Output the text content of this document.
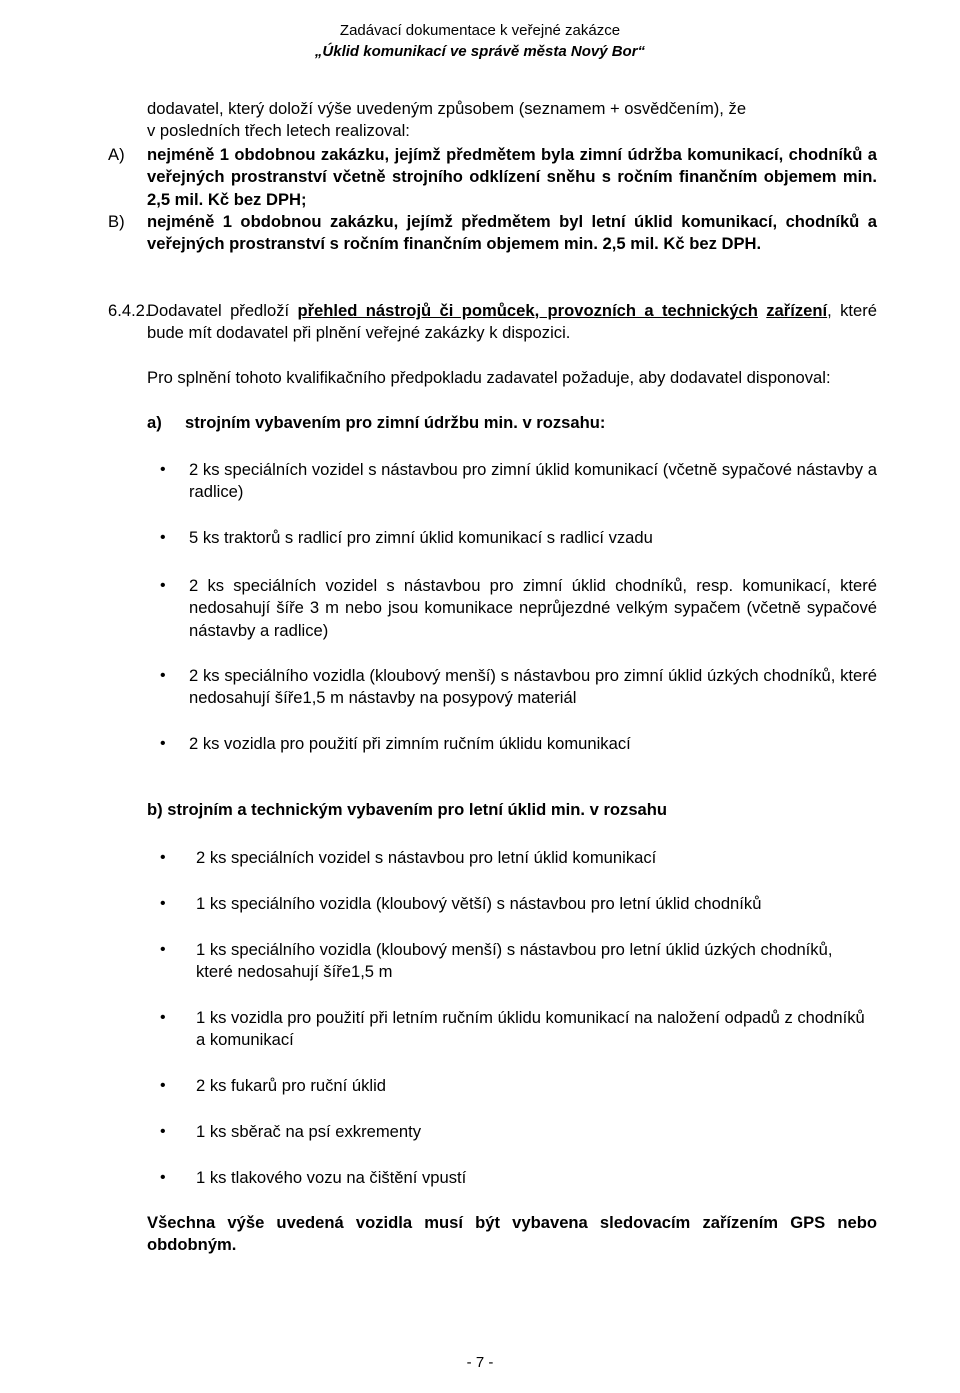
Zadávací dokumentace k veřejné zakázce
„Úklid komunikací ve správě města Nový Bor“
dodavatel, který doloží výše uvedeným způsobem (seznamem + osvědčením), že
v posledních třech letech realizoval:
A) nejméně 1 obdobnou zakázku, jejímž předmětem byla zimní údržba komunikací, chodníků a veřejných prostranství včetně strojního odklízení sněhu s ročním finančním objemem min. 2,5 mil. Kč bez DPH;
B) nejméně 1 obdobnou zakázku, jejímž předmětem byl letní úklid komunikací, chodníků a veřejných prostranství s ročním finančním objemem min. 2,5 mil. Kč bez DPH.
6.4.2.
Dodavatel předloží přehled nástrojů či pomůcek, provozních a technických zařízení, které bude mít dodavatel při plnění veřejné zakázky k dispozici.
Pro splnění tohoto kvalifikačního předpokladu zadavatel požaduje, aby dodavatel disponoval:
a) strojním vybavením pro zimní údržbu min. v rozsahu:
• 2 ks speciálních vozidel s nástavbou pro zimní úklid komunikací (včetně sypačové nástavby a radlice)
• 5 ks traktorů s radlicí pro zimní úklid komunikací s radlicí vzadu
• 2 ks speciálních vozidel s nástavbou pro zimní úklid chodníků, resp. komunikací, které nedosahují šíře 3 m nebo jsou komunikace neprůjezdné velkým sypačem (včetně sypačové nástavby a radlice)
• 2 ks speciálního vozidla (kloubový menší) s nástavbou pro zimní úklid úzkých chodníků, které nedosahují šíře1,5 m nástavby na posypový materiál
• 2 ks vozidla pro použití při zimním ručním úklidu komunikací
b) strojním a technickým vybavením pro letní úklid min. v rozsahu
• 2 ks speciálních vozidel s nástavbou pro letní úklid komunikací
• 1 ks speciálního vozidla (kloubový větší) s nástavbou pro letní úklid chodníků
• 1 ks speciálního vozidla (kloubový menší) s nástavbou pro letní úklid úzkých chodníků, které nedosahují šíře1,5 m
• 1 ks vozidla pro použití při letním ručním úklidu komunikací na naložení odpadů z chodníků a komunikací
• 2 ks fukarů pro ruční úklid
• 1 ks sběrač na psí exkrementy
• 1 ks tlakového vozu na čištění vpustí
Všechna výše uvedená vozidla musí být vybavena sledovacím zařízením GPS nebo obdobným.
- 7 -
